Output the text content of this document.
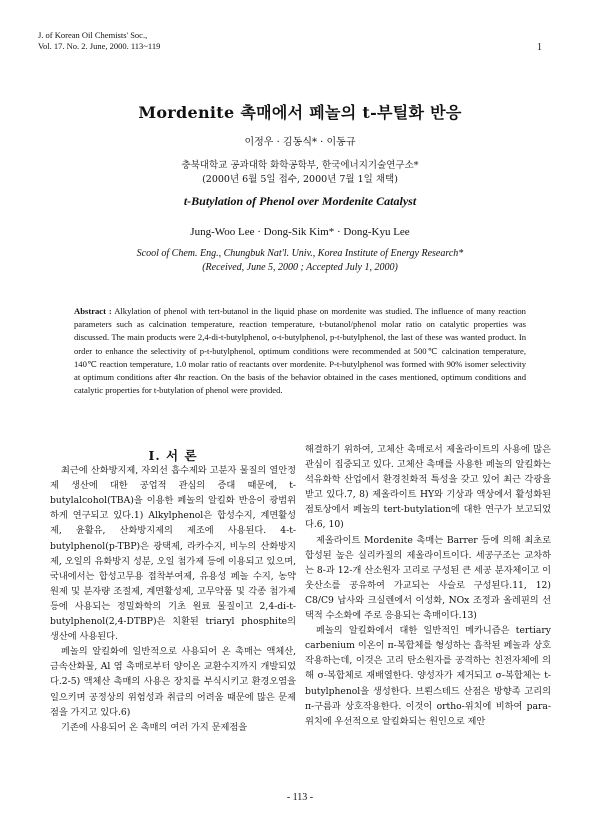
J. of Korean Oil Chemists' Soc.,
Vol. 17. No. 2. June, 2000. 113~119	1
Mordenite 촉매에서 페놀의 t-부틸화 반응
이정우 · 김동식* · 이동규
충북대학교 공과대학 화학공학부, 한국에너지기술연구소*
(2000년 6월 5일 접수, 2000년 7월 1일 채택)
t-Butylation of Phenol over Mordenite Catalyst
Jung-Woo Lee · Dong-Sik Kim* · Dong-Kyu Lee
Scool of Chem. Eng., Chungbuk Nat'l. Univ., Korea Institute of Energy Research*
(Received, June 5, 2000 ; Accepted July 1, 2000)
Abstract : Alkylation of phenol with tert-butanol in the liquid phase on mordenite was studied. The influence of many reaction parameters such as calcination temperature, reaction temperature, t-butanol/phenol molar ratio on catalytic properties was discussed. The main products were 2,4-di-t-butylphenol, o-t-butylphenol, p-t-butylphenol, the last of these was wanted product. In order to enhance the selectivity of p-t-butylphenol, optimum conditions were recommended at 500℃ calcination temperature, 140℃ reaction temperature, 1.0 molar ratio of reactants over mordenite. P-t-butylphenol was formed with 90% isomer selectivity at optimum conditions after 4hr reaction. On the basis of the behavior obtained in the cases mentioned, optimum conditions and catalytic properties for t-butylation of phenol were provided.

Ⅰ. 서 론

최근에 산화방지제, 자외선 흡수제와 고분자 물질의 열안정제 생산에 대한 공업적 관심의 증대 때문에, t-butylalcohol(TBA)을 이용한 페놀의 알킬화 반응이 광범위하게 연구되고 있다.1) Alkylphenol은 합성수지, 계면활성제, 윤활유, 산화방지제의 제조에 사용된다. 4-t-butylphenol(p-TBP)은 광택제, 라카수지, 비누의 산화방지제, 오일의 유화방지 성분, 오일 첨가제 등에 이용되고 있으며, 국내에서는 합성고무용 접착부여제, 유용성 페놀 수지, 농약 원제 및 분자량 조절제, 계면활성제, 고무약품 및 각종 첨가제 등에 사용되는 정밀화학의 기초 원료 물질이고 2,4-di-t-butylphenol(2,4-DTBP)은 치환된 triaryl phosphite의 생산에 사용된다.

페놀의 알킬화에 일반적으로 사용되어 온 촉매는 액체산, 금속산화물, Al 염 촉매로부터 양이온 교환수지까지 개발되었다.2-5) 액체산 촉매의 사용은 장치를 부식시키고 환경오염을 일으키며 공정상의 위험성과 취급의 어려움 때문에 많은 문제점을 가지고 있다.6)

기존에 사용되어 온 촉매의 여러 가지 문제점을

해결하기 위하여, 고체산 촉매로서 제올라이트의 사용에 많은 관심이 집중되고 있다. 고체산 촉매를 사용한 페놀의 알킬화는 석유화학 산업에서 환경친화적 특성을 갖고 있어 최근 각광을 받고 있다.7, 8) 제올라이트 HY와 기상과 액상에서 활성화된 점토상에서 페놀의 tert-butylation에 대한 연구가 보고되었다.6, 10)

제올라이트 Mordenite 촉매는 Barrer 등에 의해 최초로 합성된 높은 실리카질의 제올라이트이다. 세공구조는 교차하는 8-과 12-개 산소원자 고리로 구성된 큰 세공 분자체이고 이웃산소를 공유하여 가교되는 사슬로 구성된다.11, 12) C8/C9 납사와 크실렌에서 이성화, NOx 조정과 올레핀의 선택적 수소화에 주로 응용되는 촉매이다.13)

페놀의 알킬화에서 대한 일반적인 메카니즘은 tertiary carbenium 이온이 π-복합체를 형성하는 흡착된 페놀과 상호작용하는데, 이것은 고리 탄소원자를 공격하는 친전자체에 의해 σ-복합체로 재배열한다. 양성자가 제거되고 σ-복합체는 t-butylphenol을 생성한다. 브뢴스테드 산점은 방향족 고리의 π-구름과 상호작용한다. 이것이 ortho-위치에 비하여 para-위치에 우선적으로 알킬화되는 원인으로 제안

- 113 -
